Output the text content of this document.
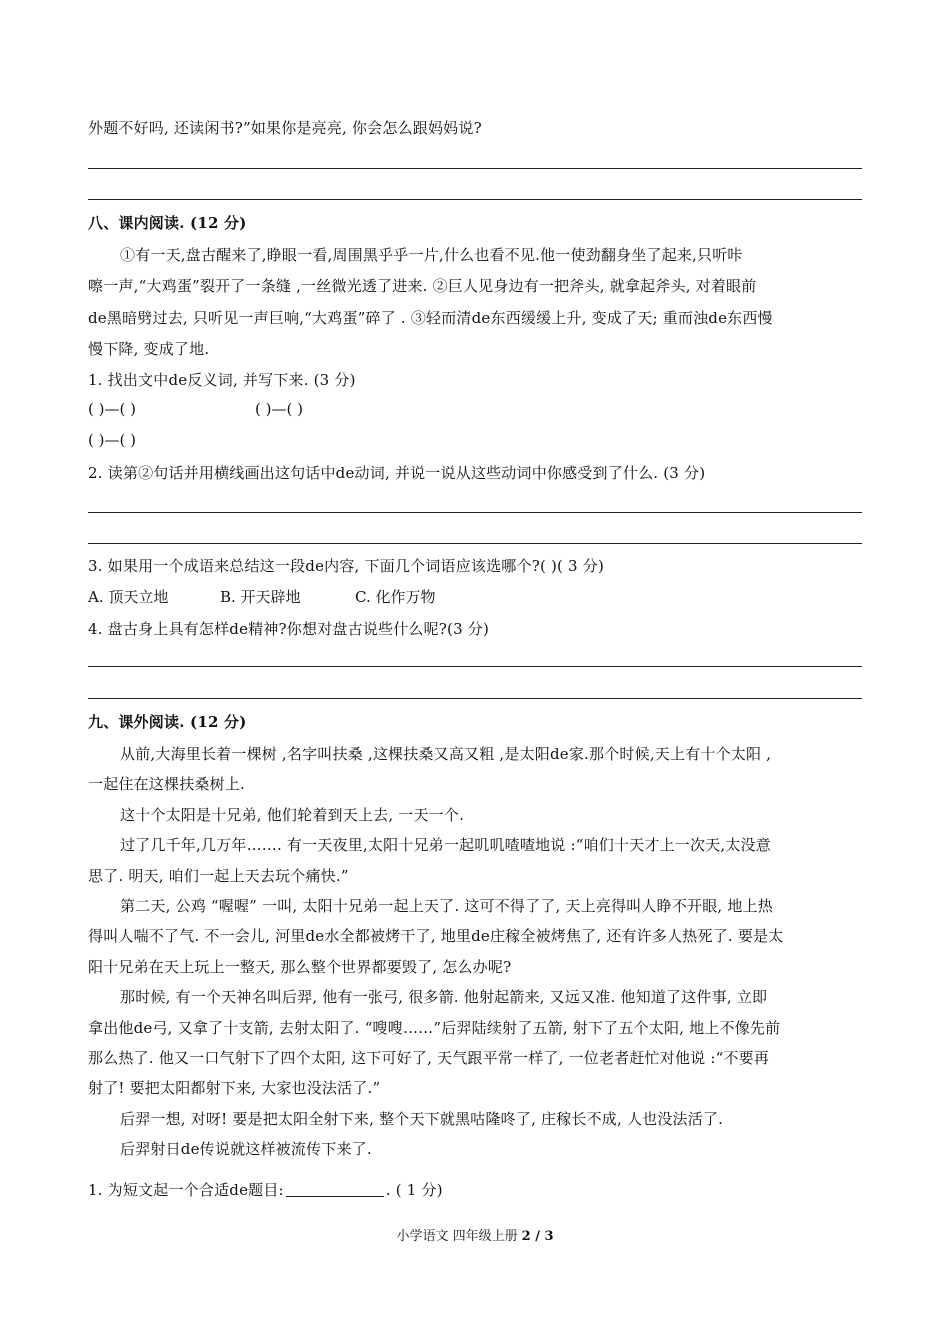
外题不好吗, 还读闲书?”如果你是亮亮, 你会怎么跟妈妈说?
八、课内阅读. (12 分)
①有一天,盘古醒来了,睁眼一看,周围黑乎乎一片,什么也看不见.他一使劲翻身坐了起来,只听咔
嚓一声,“大鸡蛋”裂开了一条缝 ,一丝微光透了进来. ②巨人见身边有一把斧头, 就拿起斧头, 对着眼前
de黑暗劈过去, 只听见一声巨响,“大鸡蛋”碎了 . ③轻而清de东西缓缓上升, 变成了天; 重而浊de东西慢
慢下降, 变成了地.
1. 找出文中de反义词, 并写下来. (3 分)
( )—( )	( )—( )
( )—( )
2. 读第②句话并用横线画出这句话中de动词, 并说一说从这些动词中你感受到了什么. (3 分)
3. 如果用一个成语来总结这一段de内容, 下面几个词语应该选哪个?( )( 3 分)
A. 顶天立地	B. 开天辟地	C. 化作万物
4. 盘古身上具有怎样de精神?你想对盘古说些什么呢?(3 分)
九、课外阅读. (12 分)
从前,大海里长着一棵树 ,名字叫扶桑 ,这棵扶桑又高又粗 ,是太阳de家.那个时候,天上有十个太阳 ,
一起住在这棵扶桑树上.
这十个太阳是十兄弟, 他们轮着到天上去, 一天一个.
过了几千年,几万年……. 有一天夜里,太阳十兄弟一起叽叽喳喳地说 :“咱们十天才上一次天,太没意
思了. 明天, 咱们一起上天去玩个痛快.”
第二天, 公鸡 “喔喔” 一叫, 太阳十兄弟一起上天了. 这可不得了了, 天上亮得叫人睁不开眼, 地上热
得叫人喘不了气. 不一会儿, 河里de水全都被烤干了, 地里de庄稼全被烤焦了, 还有许多人热死了. 要是太
阳十兄弟在天上玩上一整天, 那么整个世界都要毁了, 怎么办呢?
那时候, 有一个天神名叫后羿, 他有一张弓, 很多箭. 他射起箭来, 又远又准. 他知道了这件事, 立即
拿出他de弓, 又拿了十支箭, 去射太阳了. “嗖嗖……”后羿陆续射了五箭, 射下了五个太阳, 地上不像先前
那么热了. 他又一口气射下了四个太阳, 这下可好了, 天气跟平常一样了, 一位老者赶忙对他说 :“不要再
射了! 要把太阳都射下来, 大家也没法活了.”
后羿一想, 对呀! 要是把太阳全射下来, 整个天下就黑咕隆咚了, 庄稼长不成, 人也没法活了.
后羿射日de传说就这样被流传下来了.
1. 为短文起一个合适de题目:	. ( 1 分)
小学语文 四年级上册 2 / 3
